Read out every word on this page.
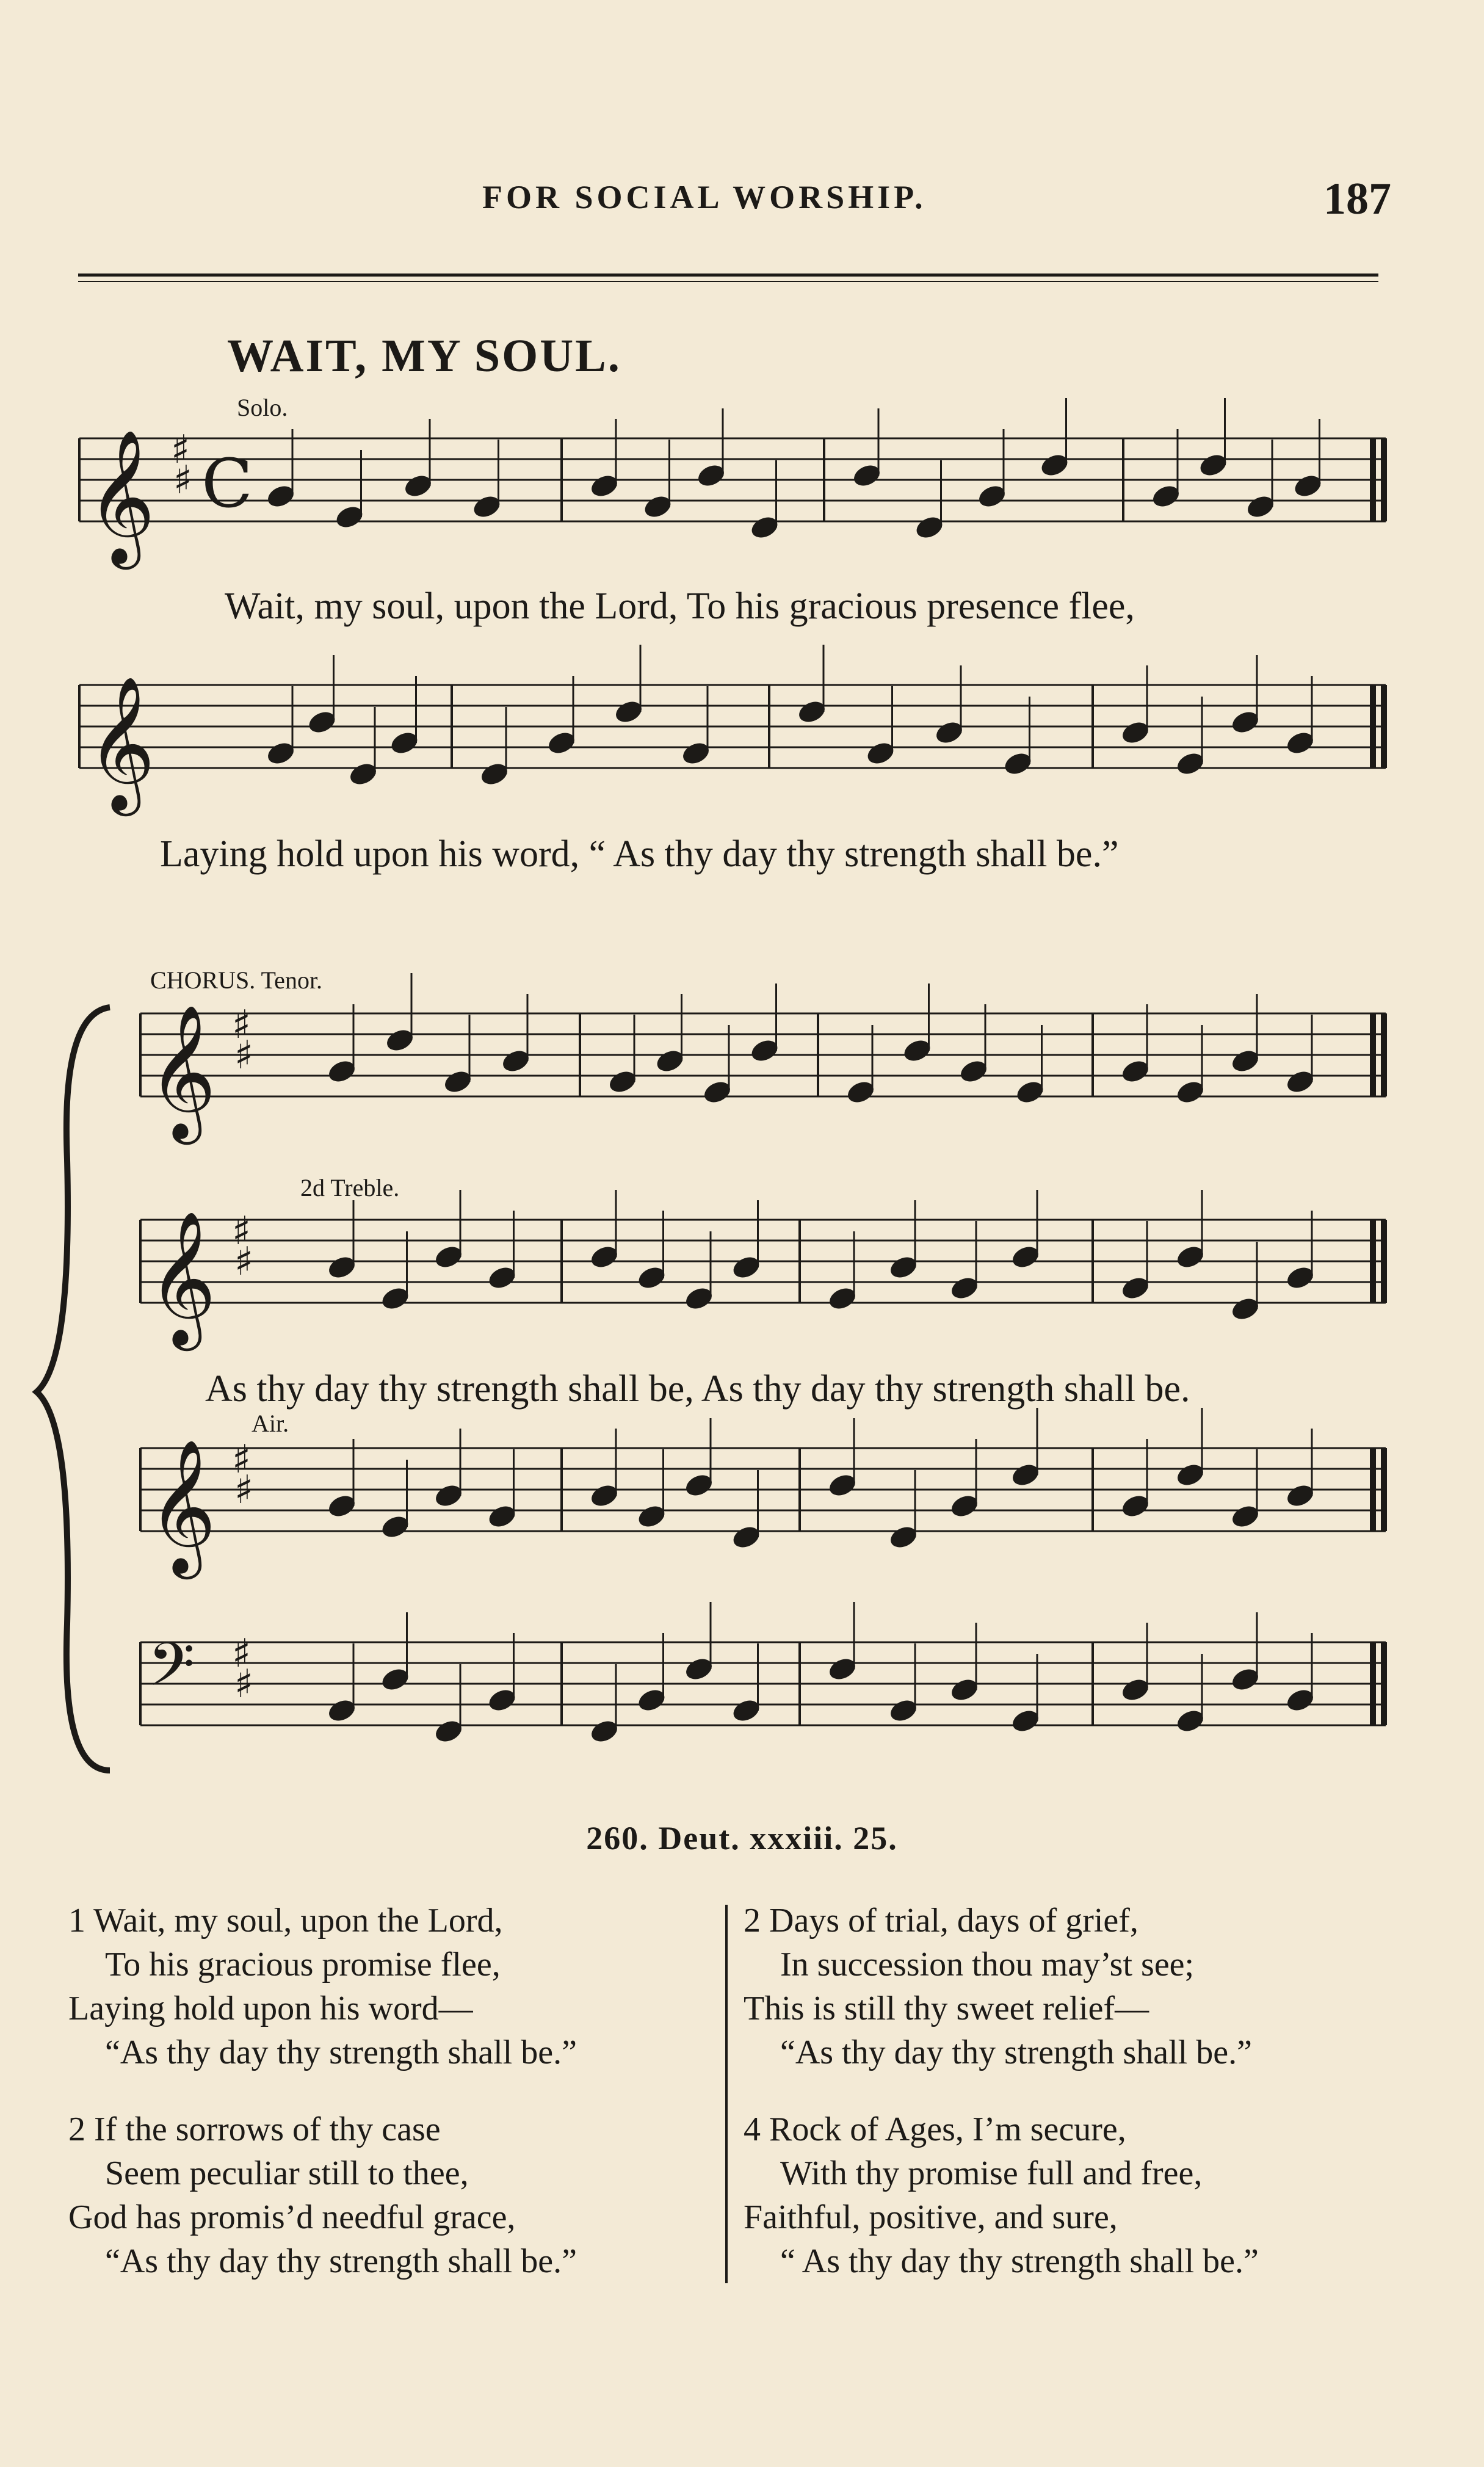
FOR SOCIAL WORSHIP.	187
WAIT, MY SOUL.
Solo.
Wait, my soul, upon the Lord, To his gracious presence flee,
Laying hold upon his word, “ As thy day thy strength shall be.”
CHORUS. Tenor.
2d Treble.
As thy day thy strength shall be, As thy day thy strength shall be.
Air.
𝄞 ♯
♯ C
𝄞
𝄞 ♯
♯
𝄞 ♯
♯
𝄞 ♯
♯
𝄢 ♯
♯
260. Deut. xxxiii. 25.
1 Wait, my soul, upon the Lord,
To his gracious promise flee,
Laying hold upon his word—
“As thy day thy strength shall be.”
2 Days of trial, days of grief,
In succession thou may’st see;
This is still thy sweet relief—
“As thy day thy strength shall be.”
2 If the sorrows of thy case
Seem peculiar still to thee,
God has promis’d needful grace,
“As thy day thy strength shall be.”
4 Rock of Ages, I’m secure,
With thy promise full and free,
Faithful, positive, and sure,
“ As thy day thy strength shall be.”
